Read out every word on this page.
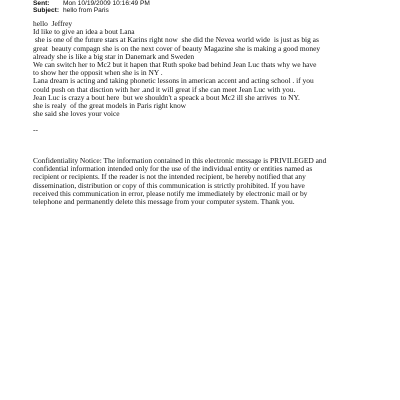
Sent:	Mon 10/19/2009 10:16:49 PM
Subject: hello from Paris
hello  Jeffrey
Id like to give an idea a bout Lana
she is one of the future stars at Karins right now  she did the Nevea world wide  is just as big as
great  beauty compagn she is on the next cover of beauty Magazine she is making a good money
already she is like a big star in Danemark and Sweden
We can switch her to Mc2 but it hapen that Ruth spoke bad behind Jean Luc thats why we have
to show her the opposit when she is in NY .
Lana dream is acting and taking phonetic lessons in american accent and acting school . if you
could push on that disction with her .and it will great if she can meet Jean Luc with you.
Jean Luc is crazy a bout here  but we shouldn't a speack a bout Mc2 ill she arrives  to NY.
she is realy  of the great models in Paris right know
she said she loves your voice
--
Confidentiality Notice: The information contained in this electronic message is PRIVILEGED and
confidential information intended only for the use of the individual entity or entities named as
recipient or recipients. If the reader is not the intended recipient, be hereby notified that any
dissemination, distribution or copy of this communication is strictly prohibited. If you have
received this communication in error, please notify me immediately by electronic mail or by
telephone and permanently delete this message from your computer system. Thank you.
